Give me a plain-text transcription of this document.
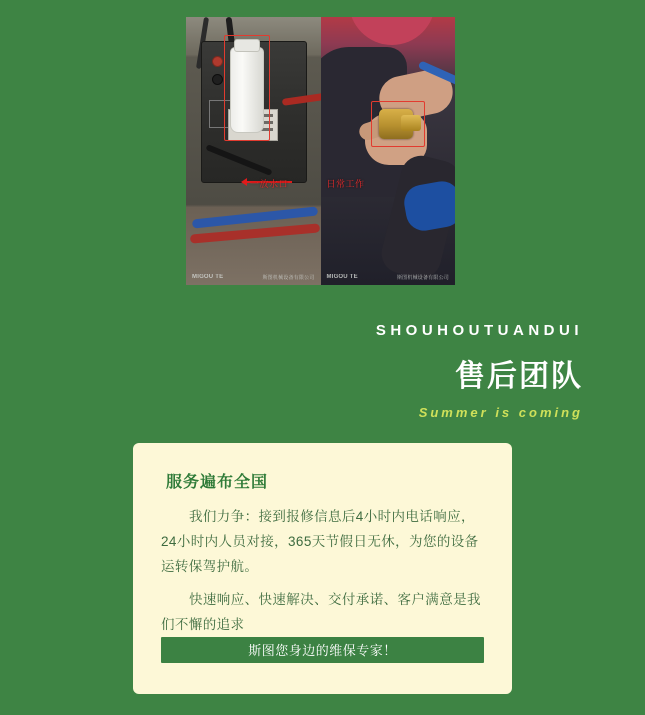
一放水口
MIGOU TE	斯图机械设备有限公司
日常工作
MIGOU TE	斯图机械设备有限公司
SHOUHOUTUANDUI
售后团队
Summer is coming
服务遍布全国

我们力争：接到报修信息后4小时内电话响应，24小时内人员对接，365天节假日无休，为您的设备运转保驾护航。

快速响应、快速解决、交付承诺、客户满意是我们不懈的追求

斯图您身边的维保专家！
